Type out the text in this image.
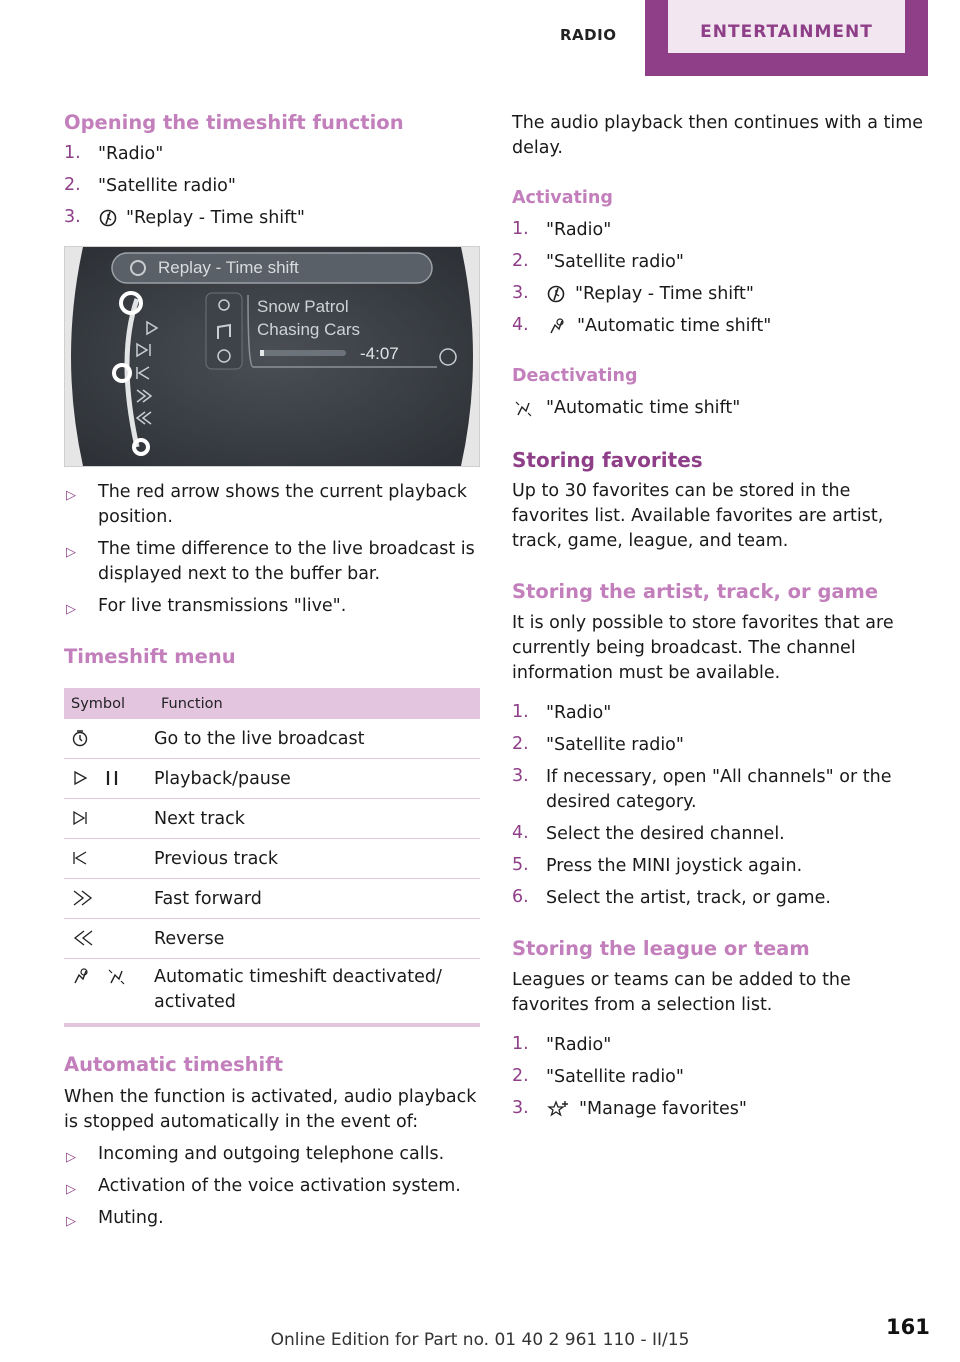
RADIO	ENTERTAINMENT
Opening the timeshift function
1. "Radio"
2. "Satellite radio"
3.	"Replay - Time shift"
Replay - Time shift
Snow Patrol
Chasing Cars
-4:07
▷ The red arrow shows the current playback position.
▷ The time difference to the live broadcast is displayed next to the buffer bar.
▷ For live transmissions "live".
Timeshift menu
Symbol	Function
	Go to the live broadcast
	Playback/pause
	Next track
	Previous track
	Fast forward
	Reverse
	Automatic timeshift deactivated/ activated
Automatic timeshift
When the function is activated, audio playback is stopped automatically in the event of:
▷ Incoming and outgoing telephone calls.
▷ Activation of the voice activation system.
▷ Muting.
The audio playback then continues with a time delay.
Activating
1. "Radio"
2. "Satellite radio"
3.	"Replay - Time shift"
4.	"Automatic time shift"
Deactivating
"Automatic time shift"
Storing favorites
Up to 30 favorites can be stored in the favorites list. Available favorites are artist, track, game, league, and team.
Storing the artist, track, or game
It is only possible to store favorites that are currently being broadcast. The channel information must be available.
1. "Radio"
2. "Satellite radio"
3. If necessary, open "All channels" or the desired category.
4. Select the desired channel.
5. Press the MINI joystick again.
6. Select the artist, track, or game.
Storing the league or team
Leagues or teams can be added to the favorites from a selection list.
1. "Radio"
2. "Satellite radio"
3.	"Manage favorites"
161
Online Edition for Part no. 01 40 2 961 110 - II/15
